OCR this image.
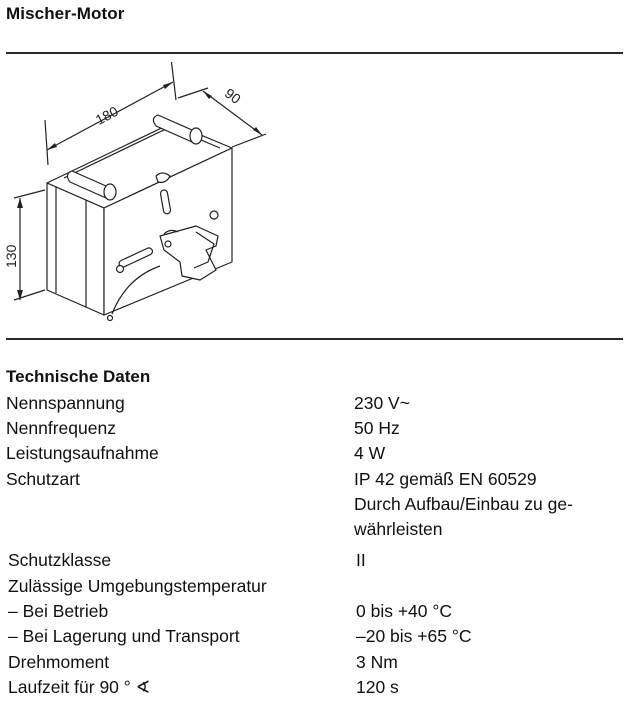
Mischer-Motor
180
90
130
Technische Daten
Nennspannung	230 V~
Nennfrequenz	50 Hz
Leistungsaufnahme	4 W
Schutzart	IP 42 gemäß EN 60529
Durch Aufbau/Einbau zu ge-
währleisten
Schutzklasse	II
Zulässige Umgebungstemperatur
– Bei Betrieb	0 bis +40 °C
– Bei Lagerung und Transport	–20 bis +65 °C
Drehmoment	3 Nm
Laufzeit für 90 ° ∢	120 s
